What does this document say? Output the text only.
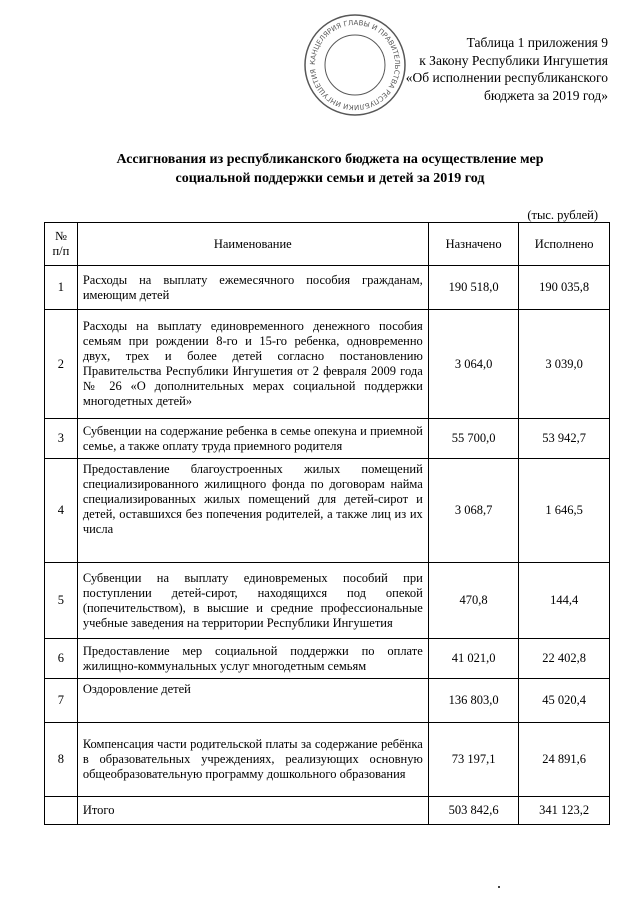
Таблица 1 приложения 9
к Закону Республики Ингушетия
«Об исполнении республиканского
бюджета за 2019 год»
КАНЦЕЛЯРИЯ ГЛАВЫ И ПРАВИТЕЛЬСТВА РЕСПУБЛИКИ ИНГУШЕТИЯ
Ассигнования из республиканского бюджета на осуществление мер
социальной поддержки семьи и детей за 2019 год
(тыс. рублей)
№ п/п	Наименование	Назначено	Исполнено
1	Расходы на выплату ежемесячного пособия гражданам, имеющим детей	190 518,0	190 035,8
2	Расходы на выплату единовременного денежного пособия семьям при рождении 8-го и 15-го ребенка, одновременно двух, трех и более детей согласно постановлению Правительства Республики Ингушетия от 2 февраля 2009 года № 26 «О дополнительных мерах социальной поддержки многодетных детей»	3 064,0	3 039,0
3	Субвенции на содержание ребенка в семье опекуна и приемной семье, а также оплату труда приемного родителя	55 700,0	53 942,7
4	Предоставление благоустроенных жилых помещений специализированного жилищного фонда по договорам найма специализированных жилых помещений для детей-сирот и детей, оставшихся без попечения родителей, а также лиц из их числа	3 068,7	1 646,5
5	Субвенции на выплату единовременых пособий при поступлении детей-сирот, находящихся под опекой (попечительством), в высшие и средние профессиональные учебные заведения на территории Республики Ингушетия	470,8	144,4
6	Предоставление мер социальной поддержки по оплате жилищно-коммунальных услуг многодетным семьям	41 021,0	22 402,8
7	Оздоровление детей	136 803,0	45 020,4
8	Компенсация части родительской платы за содержание ребёнка в образовательных учреждениях, реализующих основную общеобразовательную программу дошкольного образования	73 197,1	24 891,6
	Итого	503 842,6	341 123,2
